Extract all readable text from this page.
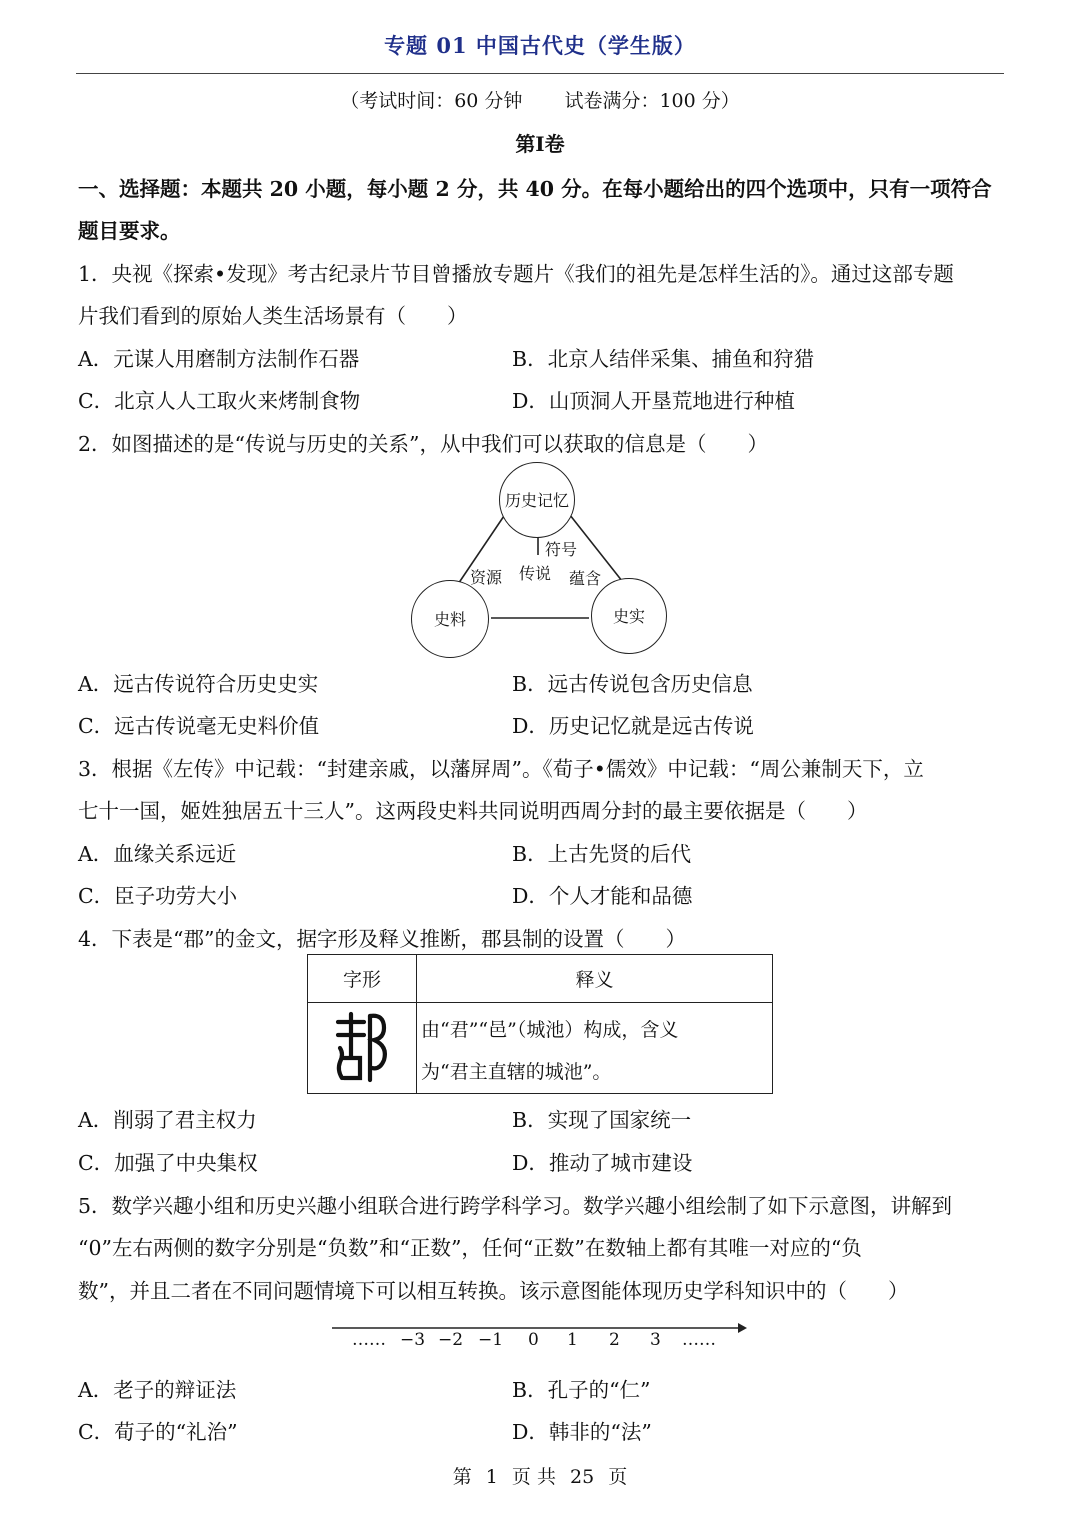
专题 01 中国古代史（学生版）
（考试时间：60 分钟 试卷满分：100 分）
第I卷
一、选择题：本题共 20 小题，每小题 2 分，共 40 分。在每小题给出的四个选项中，只有一项符合
题目要求。
1．央视《探索•发现》考古纪录片节目曾播放专题片《我们的祖先是怎样生活的》。通过这部专题
片我们看到的原始人类生活场景有（　　）
A．元谋人用磨制方法制作石器	B．北京人结伴采集、捕鱼和狩猎
C．北京人人工取火来烤制食物	D．山顶洞人开垦荒地进行种植
2．如图描述的是“传说与历史的关系”，从中我们可以获取的信息是（　　）
历史记忆
史料	史实
符号
传说
资源	蕴含
A．远古传说符合历史史实	B．远古传说包含历史信息
C．远古传说毫无史料价值	D．历史记忆就是远古传说
3．根据《左传》中记载：“封建亲戚，以藩屏周”。《荀子•儒效》中记载：“周公兼制天下，立
七十一国，姬姓独居五十三人”。这两段史料共同说明西周分封的最主要依据是（　　）
A．血缘关系远近	B．上古先贤的后代
C．臣子功劳大小	D．个人才能和品德
4．下表是“郡”的金文，据字形及释义推断，郡县制的设置（　　）
字形	释义

由“君”“邑”（城池）构成，含义
为“君主直辖的城池”。
A．削弱了君主权力	B．实现了国家统一
C．加强了中央集权	D．推动了城市建设
5．数学兴趣小组和历史兴趣小组联合进行跨学科学习。数学兴趣小组绘制了如下示意图，讲解到
“0”左右两侧的数字分别是“负数”和“正数”，任何“正数”在数轴上都有其唯一对应的“负
数”，并且二者在不同问题情境下可以相互转换。该示意图能体现历史学科知识中的（　　）
…… −3 −2 −1 0 1 2 3 ……
A．老子的辩证法	B．孔子的“仁”
C．荀子的“礼治”	D．韩非的“法”
第 1 页 共 25 页
